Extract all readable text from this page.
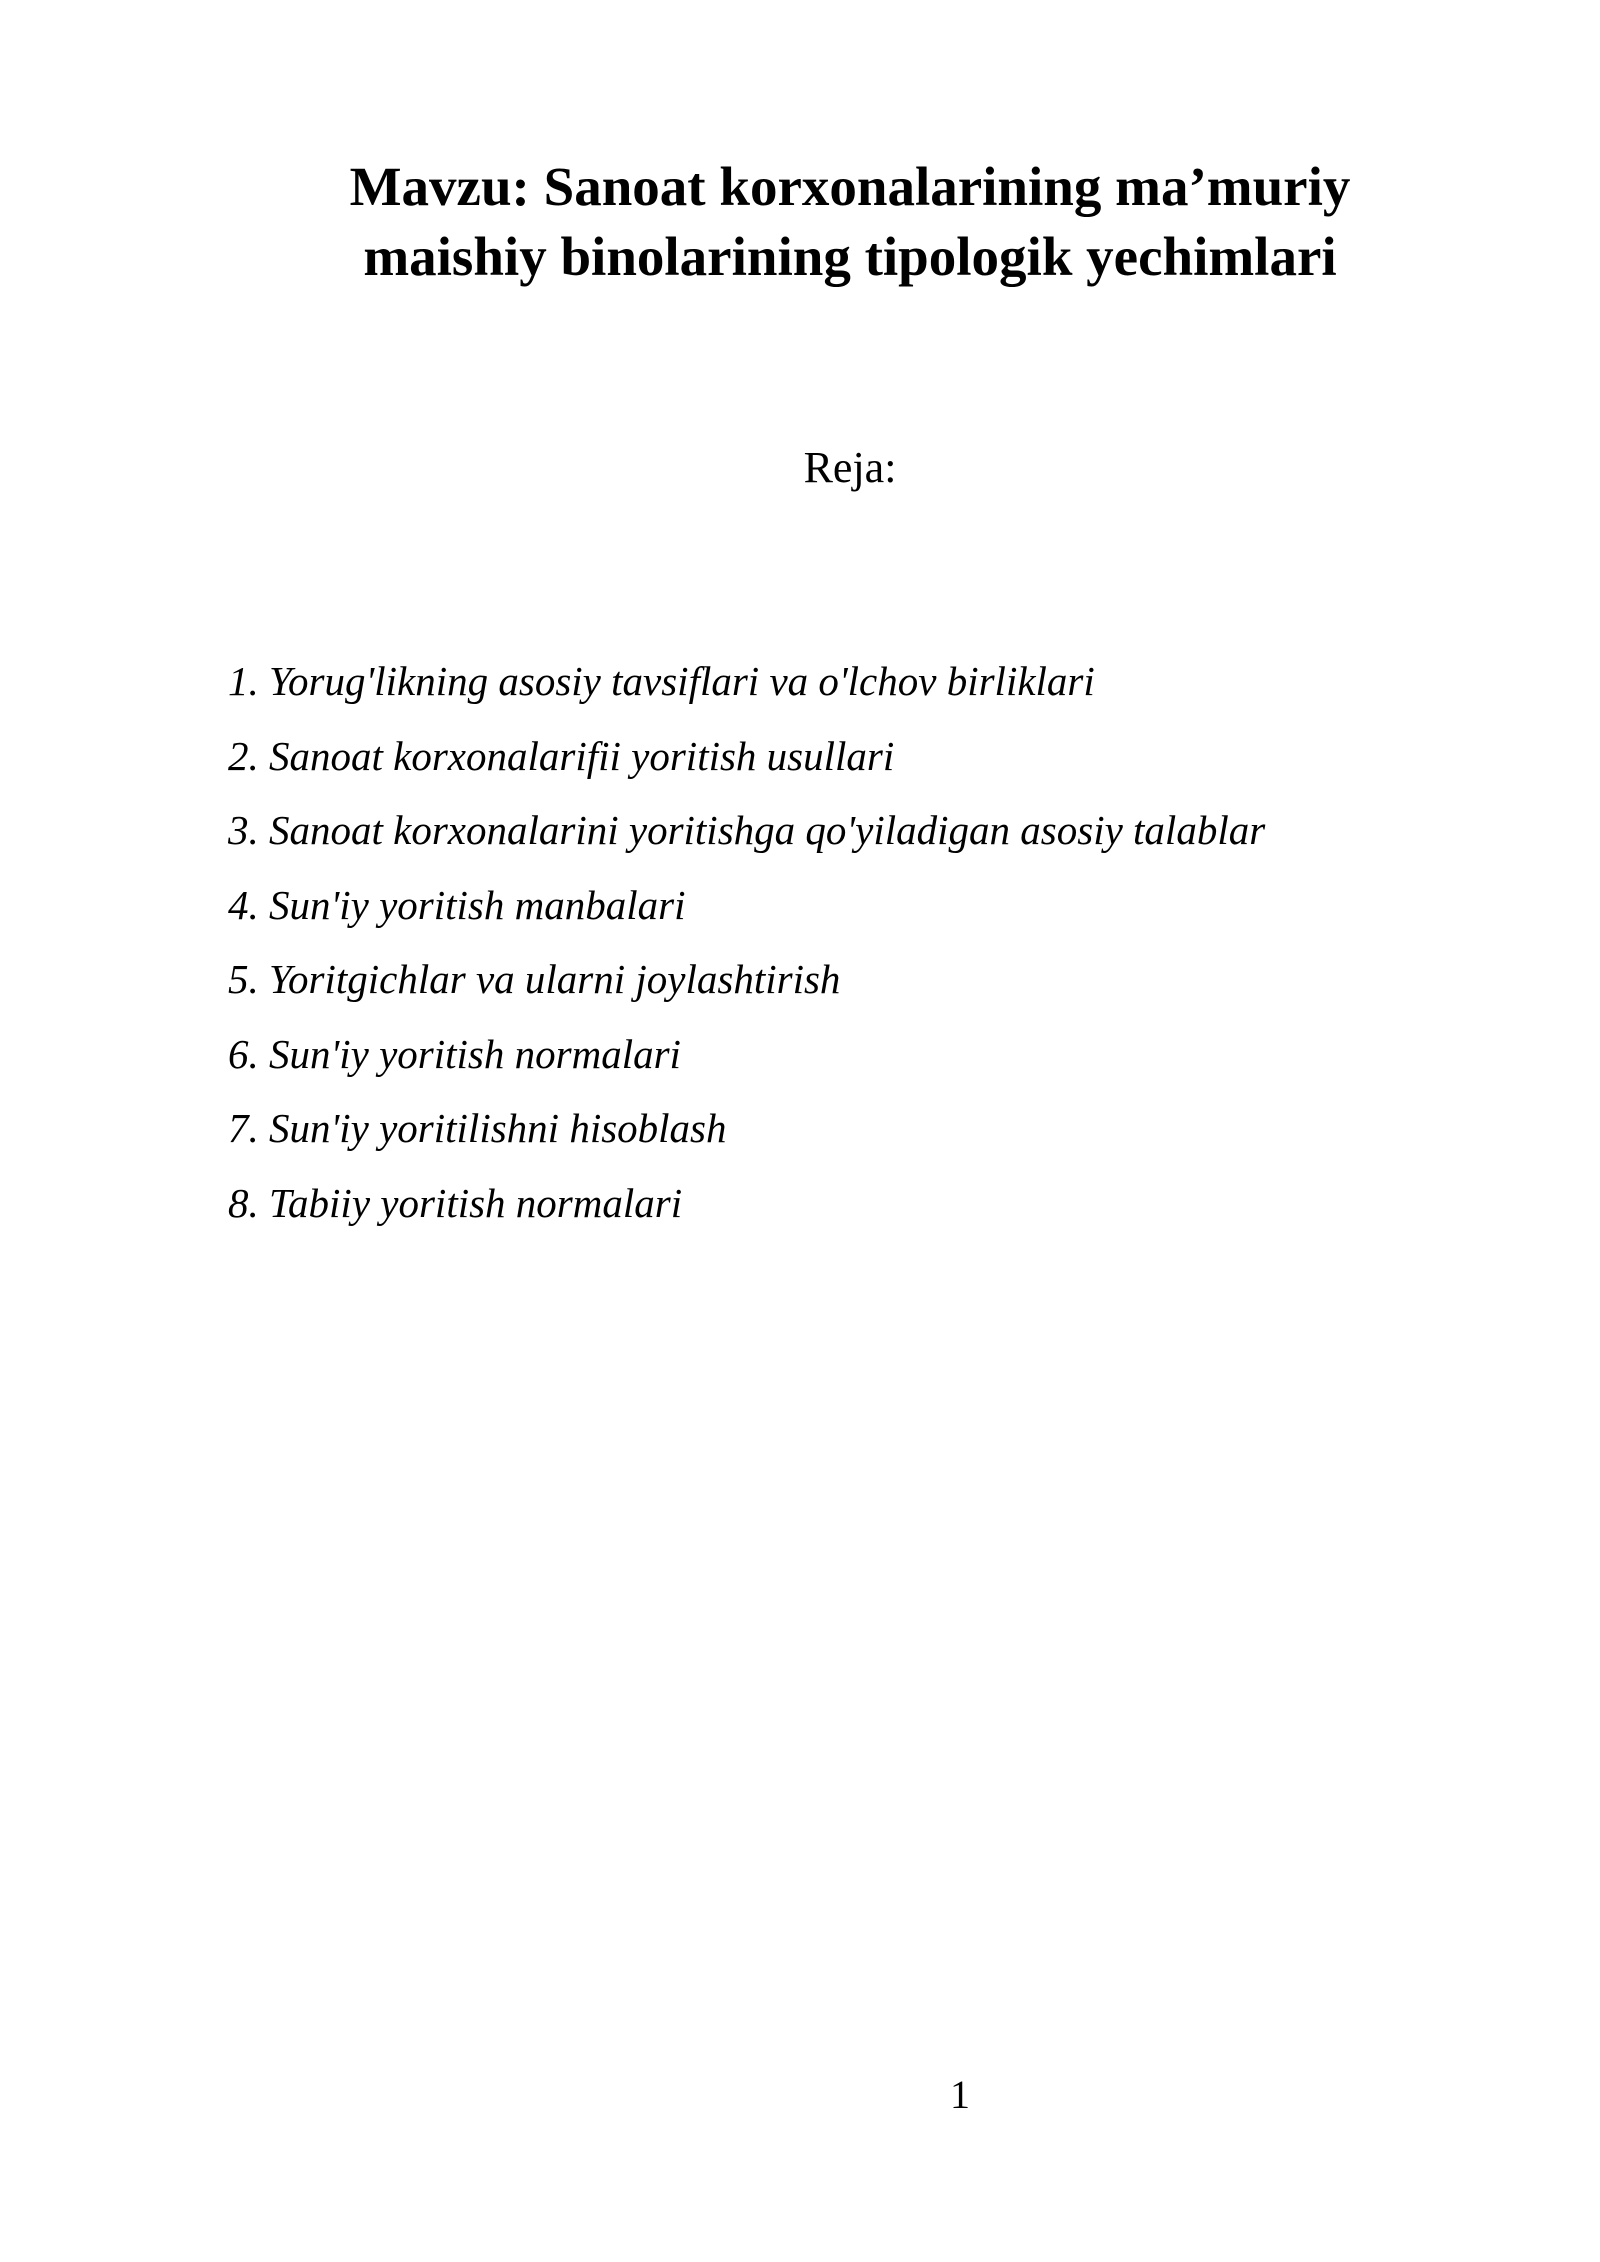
Mavzu: Sanoat korxonalarining ma’muriy
maishiy binolarining tipologik yechimlari

Reja:

1. Yorug'likning asosiy tavsiflari va o'lchov birliklari
2. Sanoat korxonalarifii yoritish usullari
3. Sanoat korxonalarini yoritishga qo'yiladigan asosiy talablar
4. Sun'iy yoritish manbalari
5. Yoritgichlar va ularni joylashtirish
6. Sun'iy yoritish normalari
7. Sun'iy yoritilishni hisoblash
8. Tabiiy yoritish normalari
1
